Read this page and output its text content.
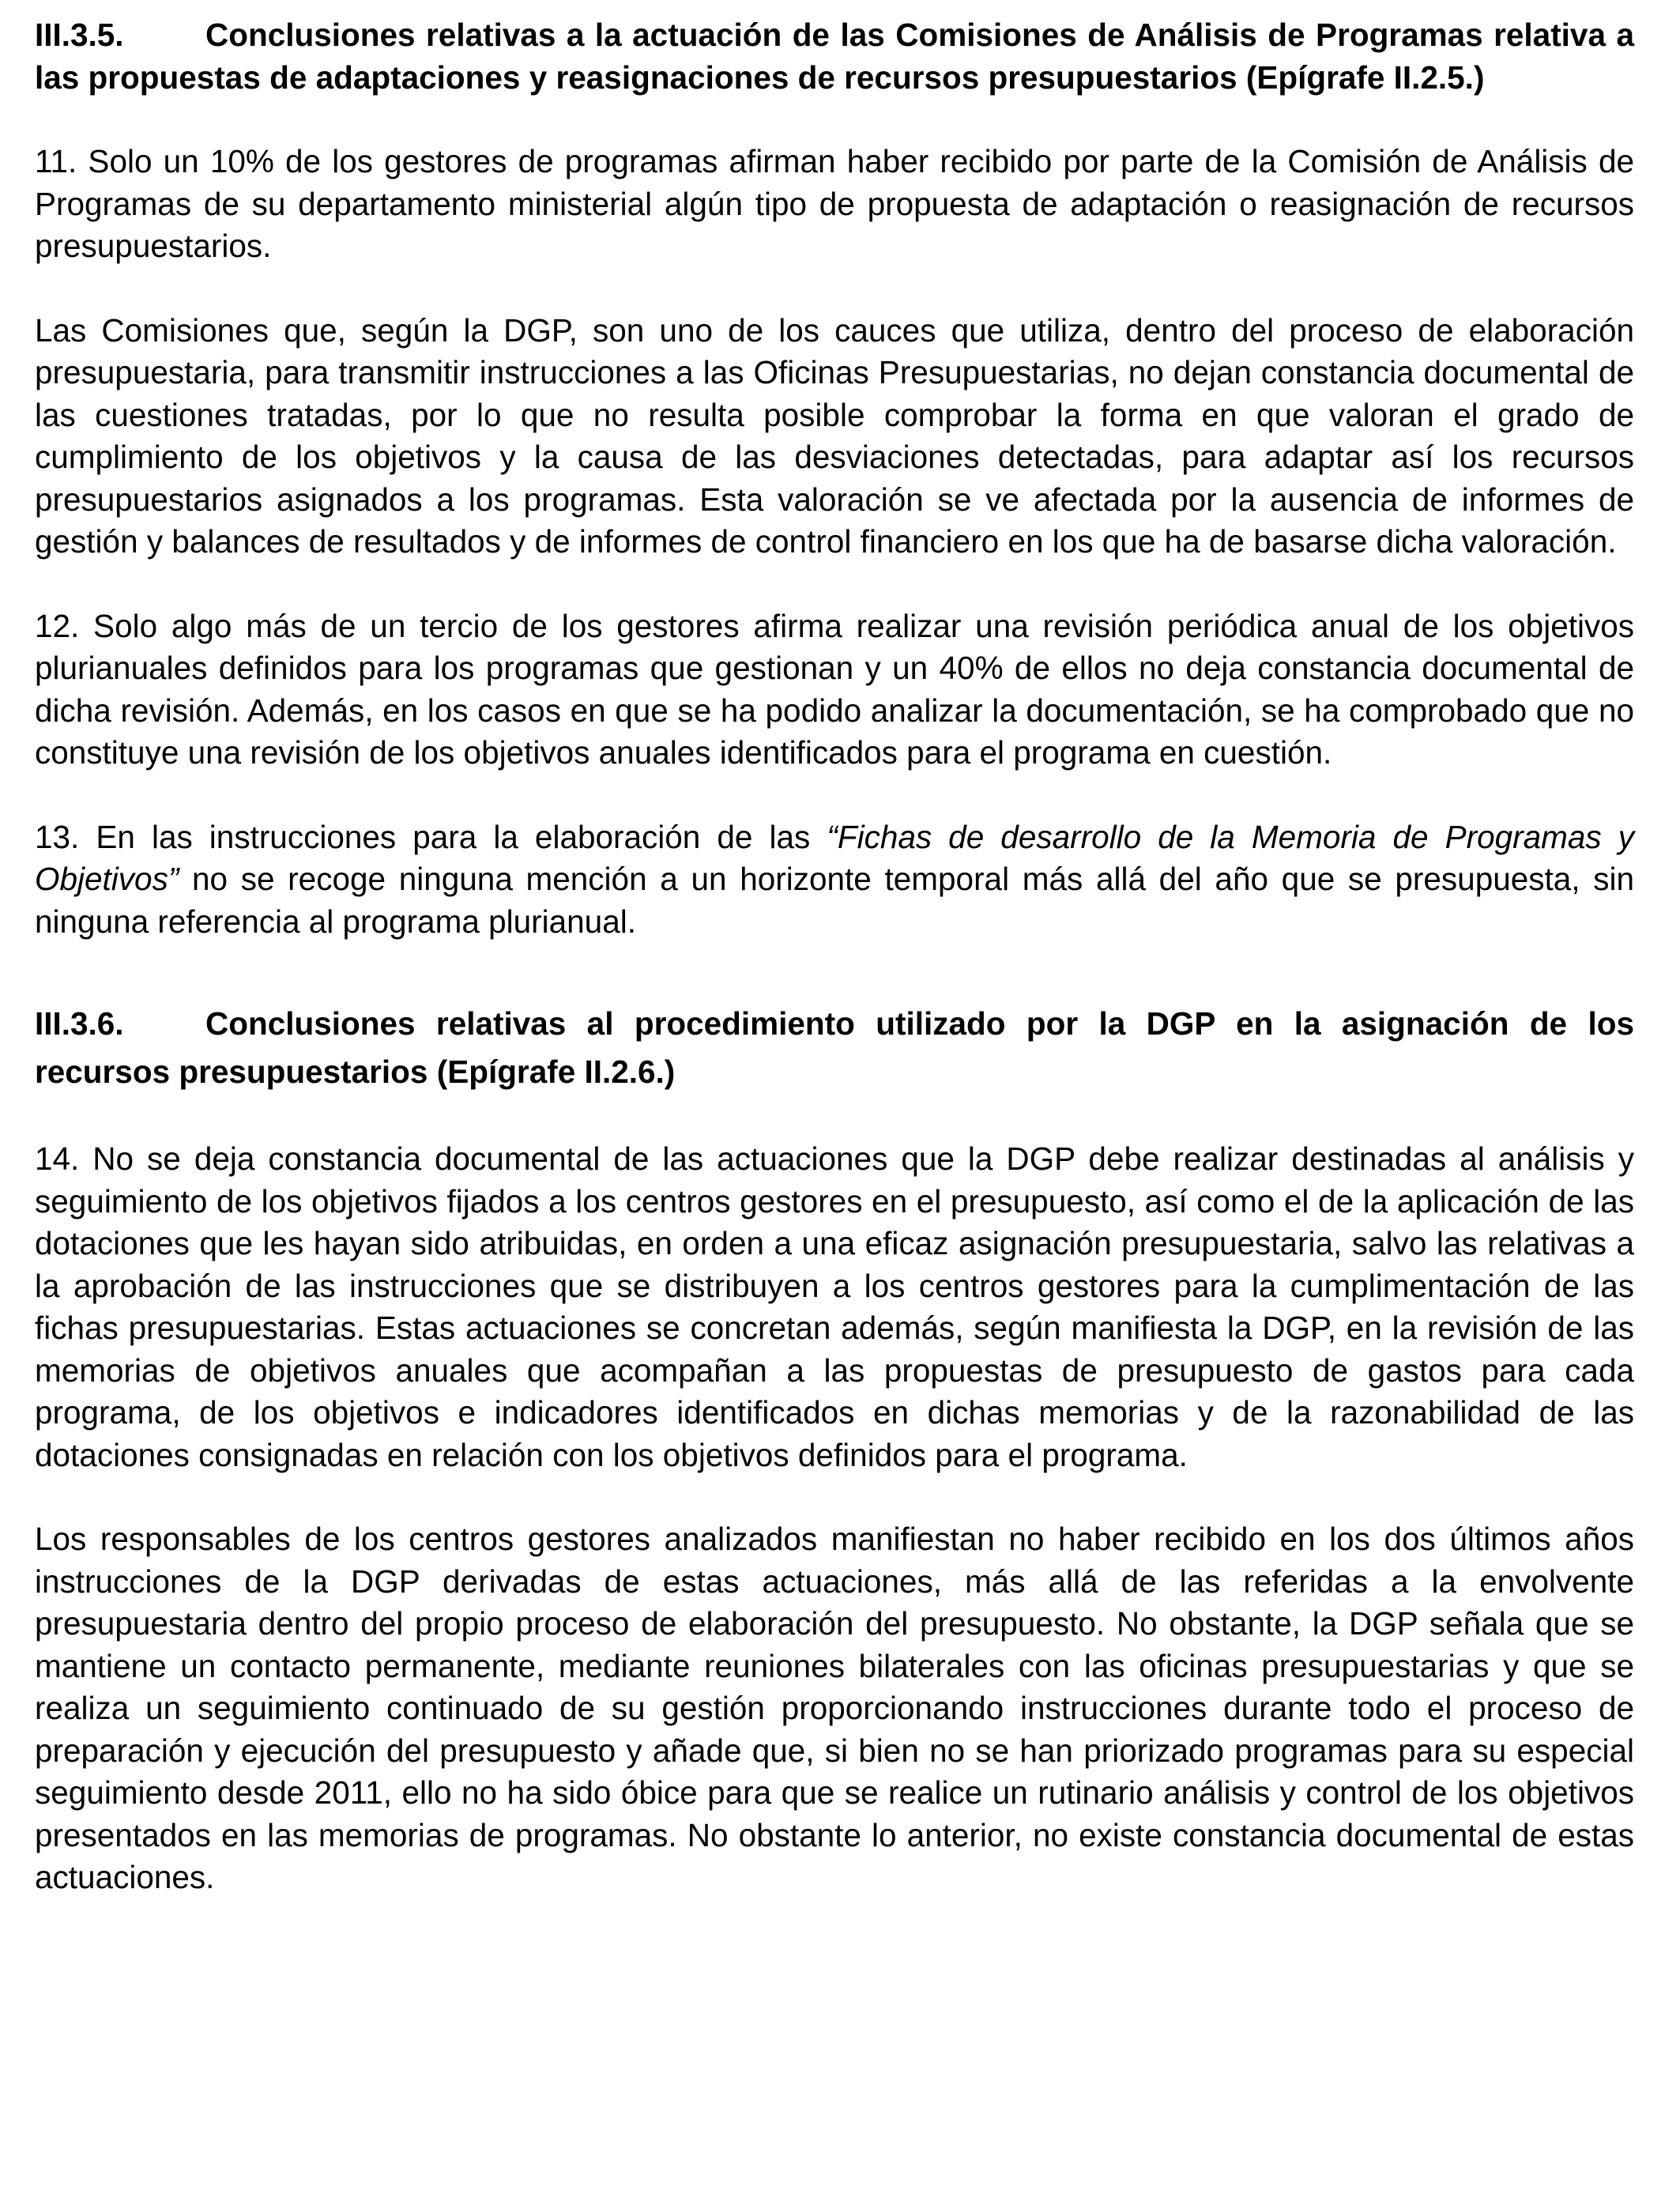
III.3.5.	Conclusiones relativas a la actuación de las Comisiones de Análisis de Programas relativa a las propuestas de adaptaciones y reasignaciones de recursos presupuestarios (Epígrafe II.2.5.)

11. Solo un 10% de los gestores de programas afirman haber recibido por parte de la Comisión de Análisis de Programas de su departamento ministerial algún tipo de propuesta de adaptación o reasignación de recursos presupuestarios.

Las Comisiones que, según la DGP, son uno de los cauces que utiliza, dentro del proceso de elaboración presupuestaria, para transmitir instrucciones a las Oficinas Presupuestarias, no dejan constancia documental de las cuestiones tratadas, por lo que no resulta posible comprobar la forma en que valoran el grado de cumplimiento de los objetivos y la causa de las desviaciones detectadas, para adaptar así los recursos presupuestarios asignados a los programas. Esta valoración se ve afectada por la ausencia de informes de gestión y balances de resultados y de informes de control financiero en los que ha de basarse dicha valoración.

12. Solo algo más de un tercio de los gestores afirma realizar una revisión periódica anual de los objetivos plurianuales definidos para los programas que gestionan y un 40% de ellos no deja constancia documental de dicha revisión. Además, en los casos en que se ha podido analizar la documentación, se ha comprobado que no constituye una revisión de los objetivos anuales identificados para el programa en cuestión.

13. En las instrucciones para la elaboración de las “Fichas de desarrollo de la Memoria de Programas y Objetivos” no se recoge ninguna mención a un horizonte temporal más allá del año que se presupuesta, sin ninguna referencia al programa plurianual.

III.3.6.	Conclusiones relativas al procedimiento utilizado por la DGP en la asignación de los recursos presupuestarios (Epígrafe II.2.6.)

14. No se deja constancia documental de las actuaciones que la DGP debe realizar destinadas al análisis y seguimiento de los objetivos fijados a los centros gestores en el presupuesto, así como el de la aplicación de las dotaciones que les hayan sido atribuidas, en orden a una eficaz asignación presupuestaria, salvo las relativas a la aprobación de las instrucciones que se distribuyen a los centros gestores para la cumplimentación de las fichas presupuestarias. Estas actuaciones se concretan además, según manifiesta la DGP, en la revisión de las memorias de objetivos anuales que acompañan a las propuestas de presupuesto de gastos para cada programa, de los objetivos e indicadores identificados en dichas memorias y de la razonabilidad de las dotaciones consignadas en relación con los objetivos definidos para el programa.

Los responsables de los centros gestores analizados manifiestan no haber recibido en los dos últimos años instrucciones de la DGP derivadas de estas actuaciones, más allá de las referidas a la envolvente presupuestaria dentro del propio proceso de elaboración del presupuesto. No obstante, la DGP señala que se mantiene un contacto permanente, mediante reuniones bilaterales con las oficinas presupuestarias y que se realiza un seguimiento continuado de su gestión proporcionando instrucciones durante todo el proceso de preparación y ejecución del presupuesto y añade que, si bien no se han priorizado programas para su especial seguimiento desde 2011, ello no ha sido óbice para que se realice un rutinario análisis y control de los objetivos presentados en las memorias de programas. No obstante lo anterior, no existe constancia documental de estas actuaciones.
